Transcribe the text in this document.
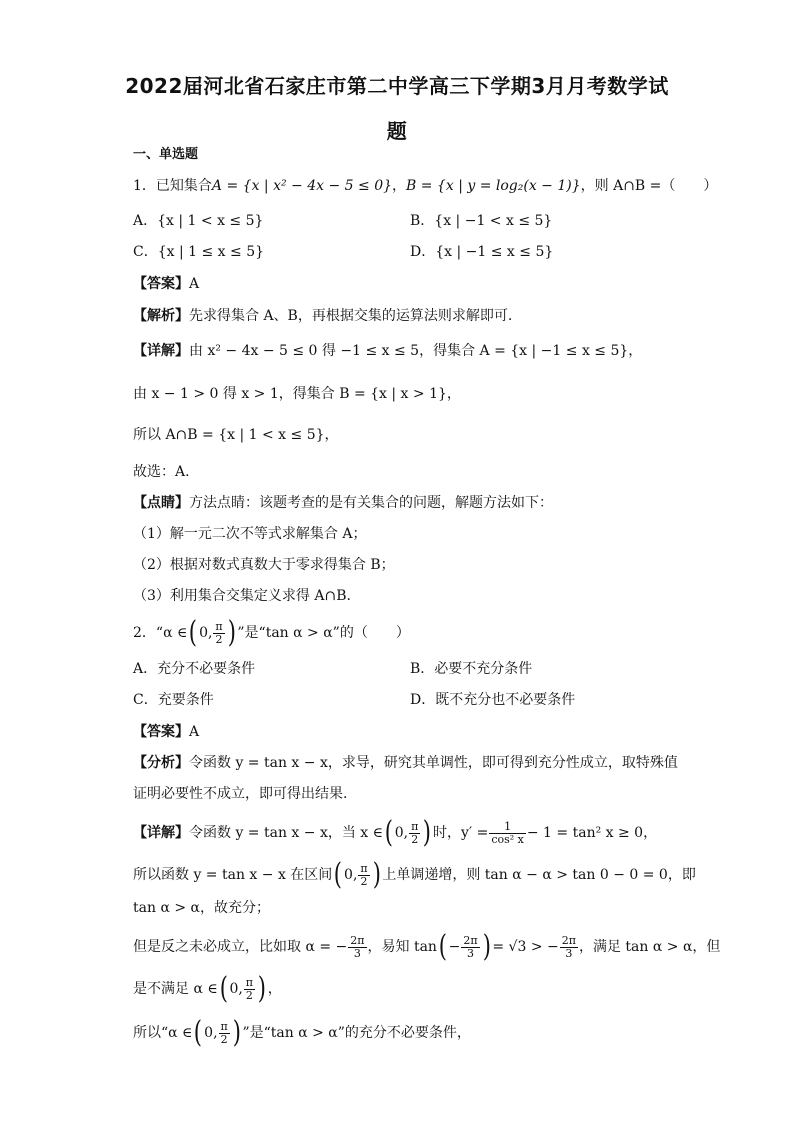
2022届河北省石家庄市第二中学高三下学期3月月考数学试
题
一、单选题
1．已知集合A = {x | x² − 4x − 5 ≤ 0}，B = {x | y = log₂(x − 1)}，则 A∩B =（　　）
A．{x | 1 < x ≤ 5}	B．{x | −1 < x ≤ 5}
C．{x | 1 ≤ x ≤ 5}	D．{x | −1 ≤ x ≤ 5}
【答案】A
【解析】先求得集合 A、B，再根据交集的运算法则求解即可.
【详解】由 x² − 4x − 5 ≤ 0 得 −1 ≤ x ≤ 5，得集合 A = {x | −1 ≤ x ≤ 5}，
由 x − 1 > 0 得 x > 1，得集合 B = {x | x > 1}，
所以 A∩B = {x | 1 < x ≤ 5}，
故选：A.
【点睛】方法点睛：该题考查的是有关集合的问题，解题方法如下：
（1）解一元二次不等式求解集合 A；
（2）根据对数式真数大于零求得集合 B；
（3）利用集合交集定义求得 A∩B.
2．“α ∈( 0, $\frac{\pi}{2}$ ) ”是“tan α > α”的（　　）
A．充分不必要条件	B．必要不充分条件
C．充要条件	D．既不充分也不必要条件
【答案】A
【分析】令函数 y = tan x − x，求导，研究其单调性，即可得到充分性成立，取特殊值
证明必要性不成立，即可得出结果.
【详解】令函数 y = tan x − x，当 x ∈( 0, $\frac{\pi}{2}$ ) 时，$y' = \frac{1}{\text{cos² x}} - 1 = \tan^2$ x ≥ 0，
所以函数 y = tan x − x 在区间( 0, $\frac{\pi}{2}$ ) 上单调递增，则 tan α − α > tan 0 − 0 = 0，即
tan α > α，故充分；
但是反之未必成立，比如取 α = − $\frac{2\pi}{3}$ ，易知 $\tan( - \frac{2\pi}{3}$ ) = √3 > − $\frac{2\pi}{3}$ ，满足 tan α > α，但
是不满足 α ∈( 0, $\frac{\pi}{2}$ ) ，
所以“α ∈( 0, $\frac{\pi}{2}$ ) ”是“tan α > α”的充分不必要条件，
